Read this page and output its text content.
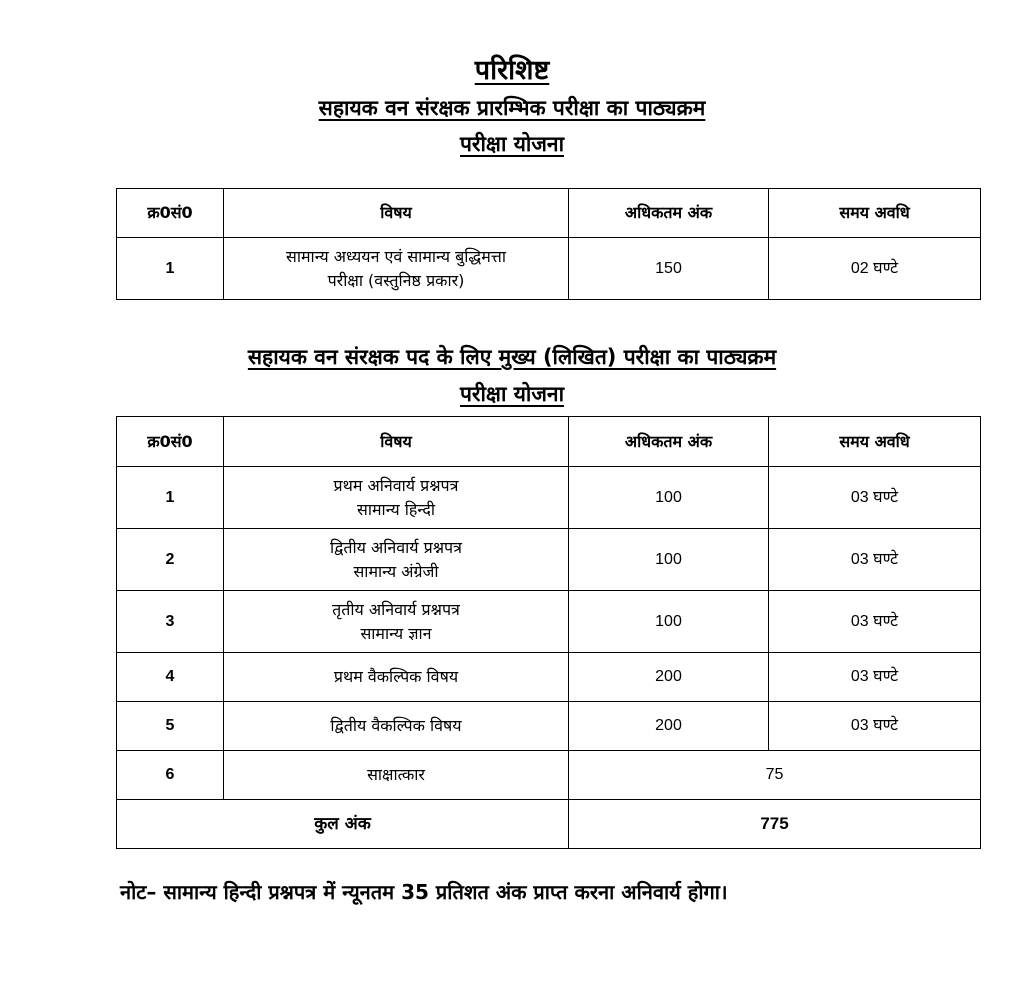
परिशिष्ट
सहायक वन संरक्षक प्रारम्भिक परीक्षा का पाठ्यक्रम
परीक्षा योजना
क्र0सं0	विषय	अधिकतम अंक	समय अवधि
1	सामान्य अध्ययन एवं सामान्य बुद्धिमत्ता
परीक्षा (वस्तुनिष्ठ प्रकार)	150	02 घण्टे
सहायक वन संरक्षक पद के लिए मुख्य (लिखित) परीक्षा का पाठ्यक्रम
परीक्षा योजना
क्र0सं0	विषय	अधिकतम अंक	समय अवधि
1	प्रथम अनिवार्य प्रश्नपत्र
सामान्य हिन्दी	100	03 घण्टे
2	द्वितीय अनिवार्य प्रश्नपत्र
सामान्य अंग्रेजी	100	03 घण्टे
3	तृतीय अनिवार्य प्रश्नपत्र
सामान्य ज्ञान	100	03 घण्टे
4	प्रथम वैकल्पिक विषय	200	03 घण्टे
5	द्वितीय वैकल्पिक विषय	200	03 घण्टे
6	साक्षात्कार	75	
कुल अंक		775	
नोट– सामान्य हिन्दी प्रश्नपत्र में न्यूनतम 35 प्रतिशत अंक प्राप्त करना अनिवार्य होगा।
